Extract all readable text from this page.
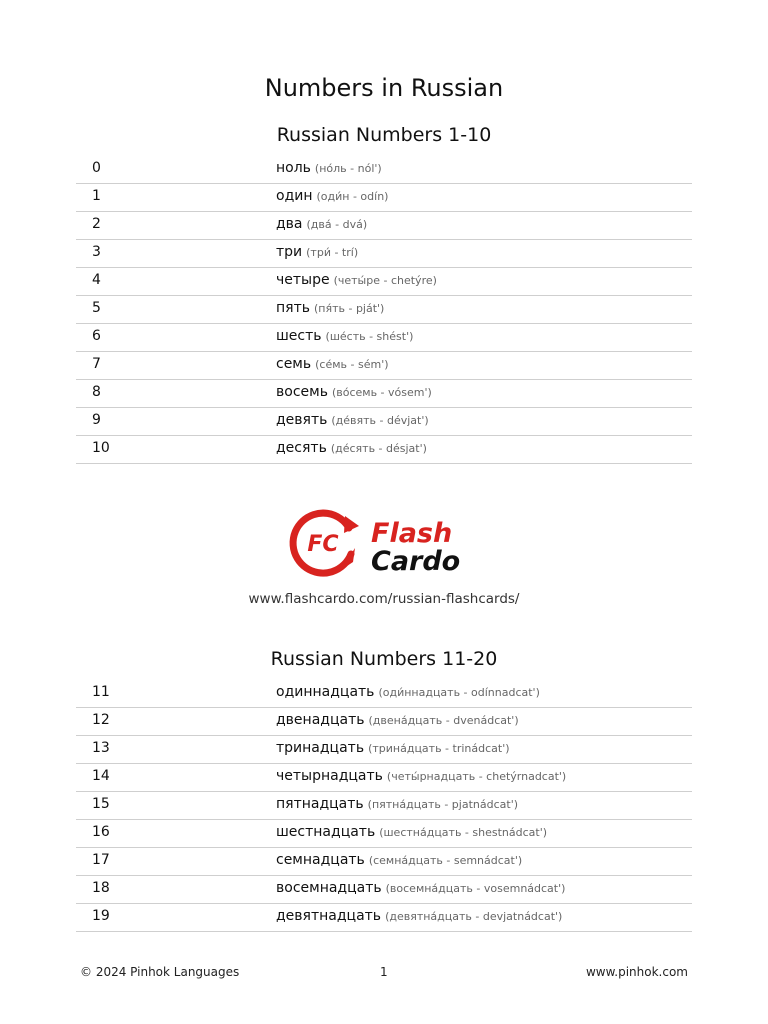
Numbers in Russian
Russian Numbers 1-10
0	ноль (но́ль - nól')
1	один (оди́н - odín)
2	два (два́ - dvá)
3	три (три́ - trí)
4	четыре (четы́ре - chetýre)
5	пять (пя́ть - pját')
6	шесть (ше́сть - shést')
7	семь (се́мь - sém')
8	восемь (во́семь - vósem')
9	девять (де́вять - dévjat')
10	десять (де́сять - désjat')
FC Flash
Cardo
www.flashcardo.com/russian-flashcards/
Russian Numbers 11-20
11	одиннадцать (оди́ннадцать - odínnadcat')
12	двенадцать (двена́дцать - dvenádcat')
13	тринадцать (трина́дцать - trinádcat')
14	четырнадцать (четы́рнадцать - chetýrnadcat')
15	пятнадцать (пятна́дцать - pjatnádcat')
16	шестнадцать (шестна́дцать - shestnádcat')
17	семнадцать (семна́дцать - semnádcat')
18	восемнадцать (восемна́дцать - vosemnádcat')
19	девятнадцать (девятна́дцать - devjatnádcat')
© 2024 Pinhok Languages	1	www.pinhok.com
